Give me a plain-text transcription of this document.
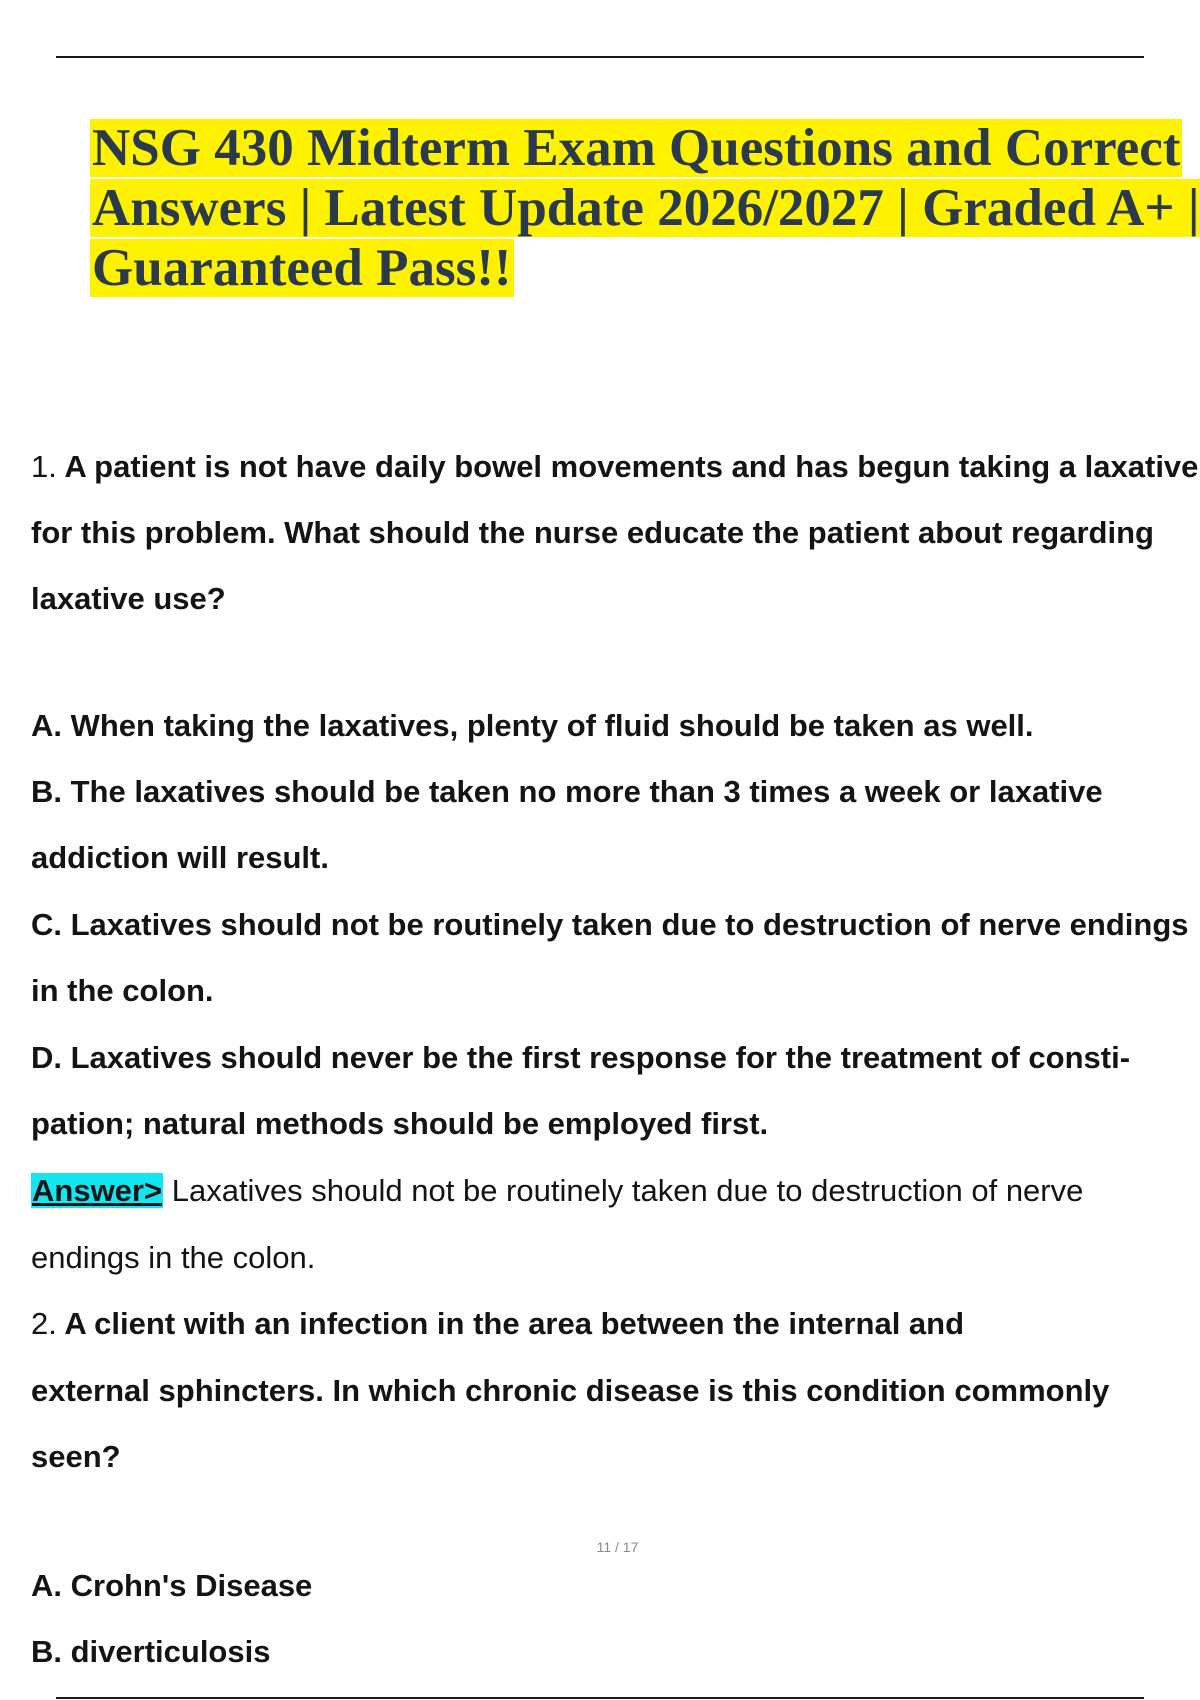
NSG 430 Midterm Exam Questions and Correct
Answers | Latest Update 2026/2027 | Graded A+ |
Guaranteed Pass!!
1. A patient is not have daily bowel movements and has begun taking a laxative
for this problem. What should the nurse educate the patient about regarding
laxative use?
A. When taking the laxatives, plenty of fluid should be taken as well.
B. The laxatives should be taken no more than 3 times a week or laxative
addiction will result.
C. Laxatives should not be routinely taken due to destruction of nerve endings
in the colon.
D. Laxatives should never be the first response for the treatment of consti-
pation; natural methods should be employed first.
Answer> Laxatives should not be routinely taken due to destruction of nerve
endings in the colon.
2. A client with an infection in the area between the internal and
external sphincters. In which chronic disease is this condition commonly
seen?
A. Crohn's Disease
B. diverticulosis
11 / 17
